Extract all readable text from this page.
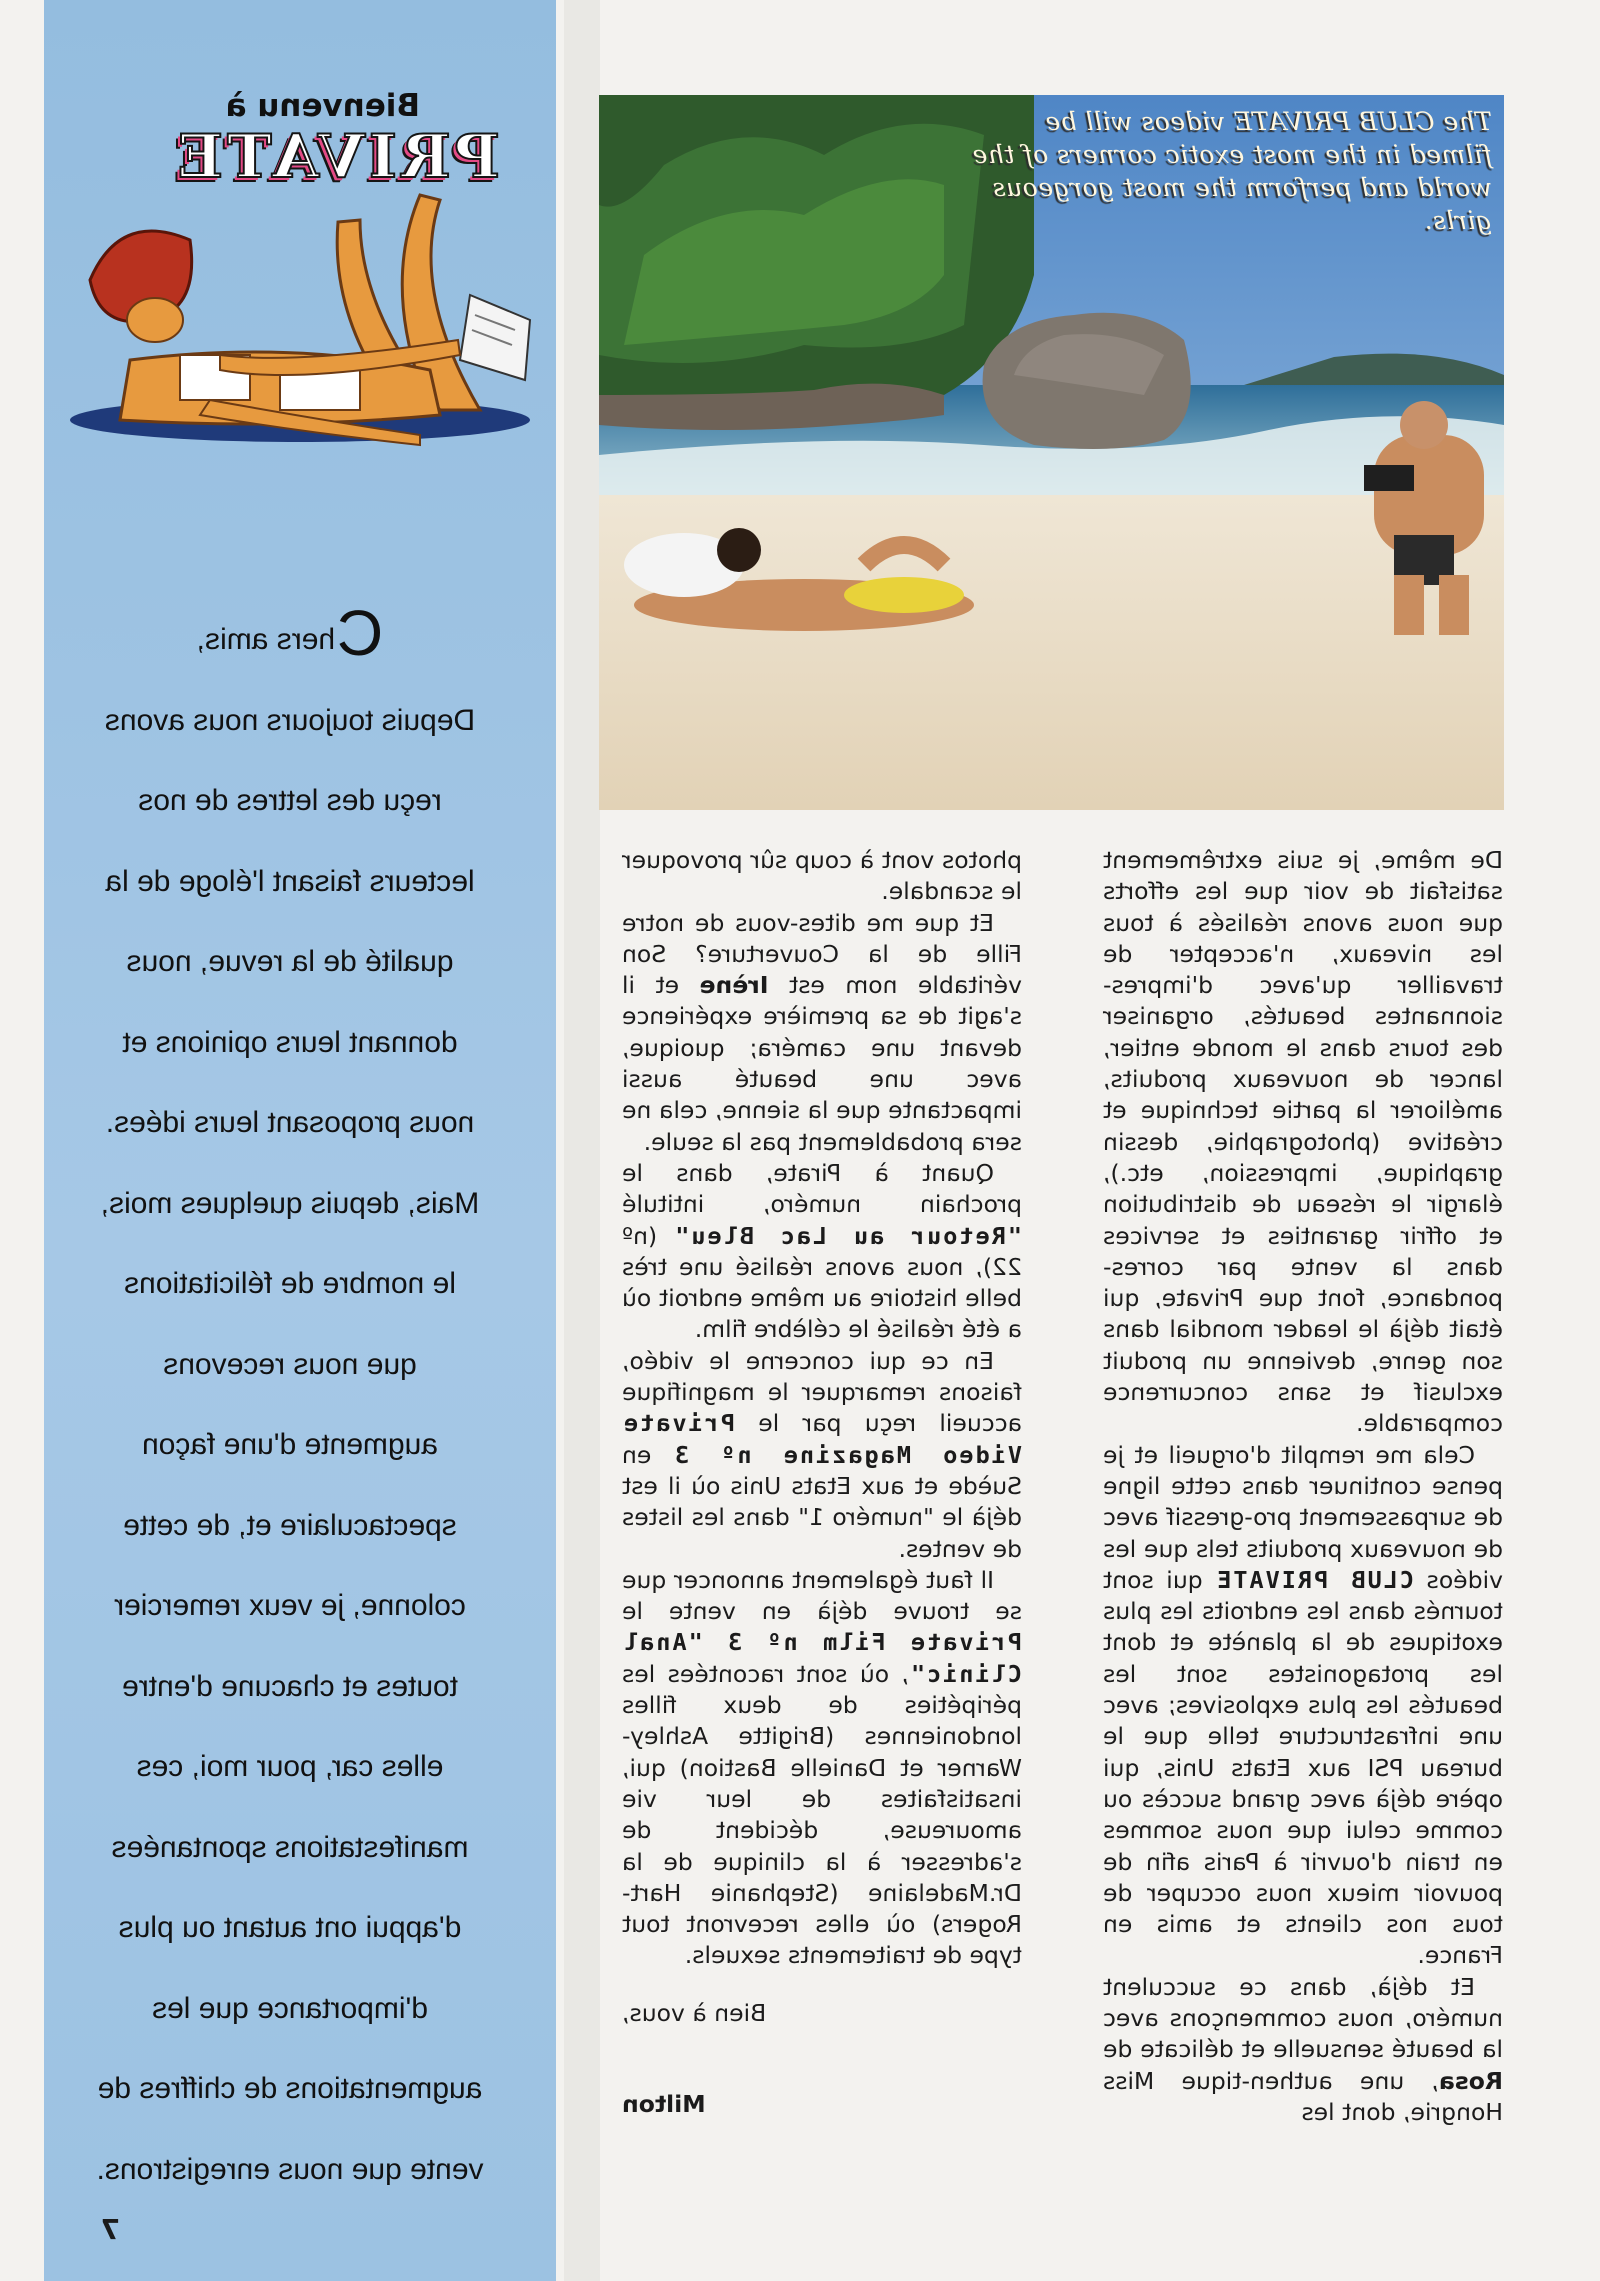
The CLUB PRIVATE videos will be filmed in the most exotic corners of the world and perform the most gorgeous girls.

De même, je suis extrêmement satisfait de voir que les efforts que nous avons réalisés à tous les niveaux, n'accepter de travailler qu'avec d'impres-sionnantes beautés, organiser des tours dans le monde entier, lancer de nouveaux produits, améliorer la partie technique et créative (photographie, dessin graphique, impression, etc.), élargir le réseau de distribution et offrir garanties et services dans la vente par corres-pondance, font que Private, qui était déjà le leader mondial dans son genre, devienne un produit exclusif et sans concurrence comparable.

Cela me remplit d'orgueil et je pense continuer dans cette ligne de surpassement pro-gressif avec de nouveaux produits tels que les vidéos CLUB PRIVATE qui sont tournés dans les endroits les plus exotiques de la planète et dont les protagonistes sont les beautés les plus explosives; avec une infrastructure telle que le bureau PSI aux Etats Unis, qui opère déjà avec grand succès ou comme celui que nous sommes en train d'ouvrir à Paris afin de pouvoir mieux nous occuper de tous nos clients et amis en France.

Et déjà, dans ce succulent numéro, nous commençons avec la beauté sensuelle et délicate de Rosa, une authen-tique Miss Hongrie, dont les

photos vont à coup sûr provoquer le scandale.

Et que me dites-vous de notre Fille de la Couverture? Son véritable nom est Irène et il s'agit de sa première expérience devant une caméra; quoique, avec une beauté aussi impactante que la sienne, cela ne sera probablement pas la seule.

Quant à Pirate, dans le prochain numéro, intitulé "Retour au Lac Bleu" (nº 22), nous avons réalisé une très belle histoire au même endroit où a été réalisé le célèbre film.

En ce qui concerne le vidéo, faisons remarquer le magnifique accueil reçu par le Private Video Magazine nº 3 en Suède et aux Etats Unis où il est déjà le "numéro 1" dans les listes de ventes.

Il faut également annoncer que se trouve déjà en vente le Private Film nº 3 "Anal Clinic", où sont racontées les péripéties de deux filles londoniennes (Brigitte Ashley-Warner et Danielle Bastion) qui, insatisfaites de leur vie amoureuse, décident de s'adresser à la clinique de la Dr.Madelaine (Stephanie Hart-Rogers) où elles recevront tout type de traitements sexuels.

Bien à vous,

Milton

Bienvenu à
PRIVATE
Chers amis,
Depuis toujours nous avons
reçu des lettres de nos
lecteurs faisant l'éloge de la
qualité de la revue, nous
donnant leurs opinions et
nous proposant leurs idées.
Mais, depuis quelques mois,
le nombre de félicitations
que nous recevons
augmente d'une façon
spectaculaire et, de cette
colonne, je veux remercier
toutes et chacune d'entre
elles car, pour moi, ces
manifestations spontanées
d'appui ont autant ou plus
d'importance que les
augmentations de chiffres de
vente que nous enregistrons.
7
